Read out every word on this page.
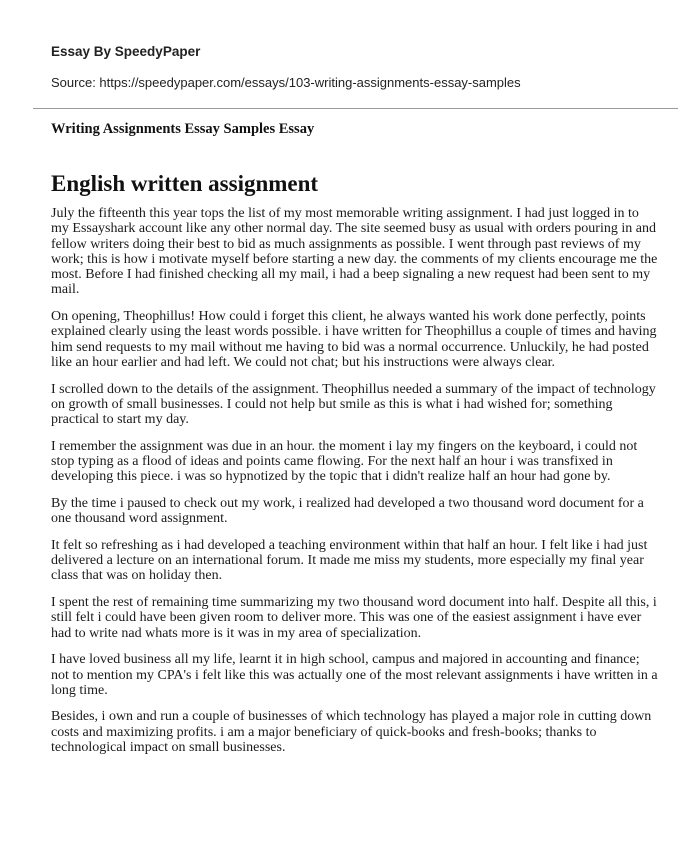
Essay By SpeedyPaper

Source: https://speedypaper.com/essays/103-writing-assignments-essay-samples

Writing Assignments Essay Samples Essay

English written assignment

July the fifteenth this year tops the list of my most memorable writing assignment. I had just logged in to my Essayshark account like any other normal day. The site seemed busy as usual with orders pouring in and fellow writers doing their best to bid as much assignments as possible. I went through past reviews of my work; this is how i motivate myself before starting a new day. the comments of my clients encourage me the most. Before I had finished checking all my mail, i had a beep signaling a new request had been sent to my mail.

On opening, Theophillus! How could i forget this client, he always wanted his work done perfectly, points explained clearly using the least words possible. i have written for Theophillus a couple of times and having him send requests to my mail without me having to bid was a normal occurrence. Unluckily, he had posted like an hour earlier and had left. We could not chat; but his instructions were always clear.

I scrolled down to the details of the assignment. Theophillus needed a summary of the impact of technology on growth of small businesses. I could not help but smile as this is what i had wished for; something practical to start my day.

I remember the assignment was due in an hour. the moment i lay my fingers on the keyboard, i could not stop typing as a flood of ideas and points came flowing. For the next half an hour i was transfixed in developing this piece. i was so hypnotized by the topic that i didn't realize half an hour had gone by.

By the time i paused to check out my work, i realized had developed a two thousand word document for a one thousand word assignment.

It felt so refreshing as i had developed a teaching environment within that half an hour. I felt like i had just delivered a lecture on an international forum. It made me miss my students, more especially my final year class that was on holiday then.

I spent the rest of remaining time summarizing my two thousand word document into half. Despite all this, i still felt i could have been given room to deliver more. This was one of the easiest assignment i have ever had to write nad whats more is it was in my area of specialization.

I have loved business all my life, learnt it in high school, campus and majored in accounting and finance; not to mention my CPA's i felt like this was actually one of the most relevant assignments i have written in a long time.

Besides, i own and run a couple of businesses of which technology has played a major role in cutting down costs and maximizing profits. i am a major beneficiary of quick-books and fresh-books; thanks to technological impact on small businesses.
